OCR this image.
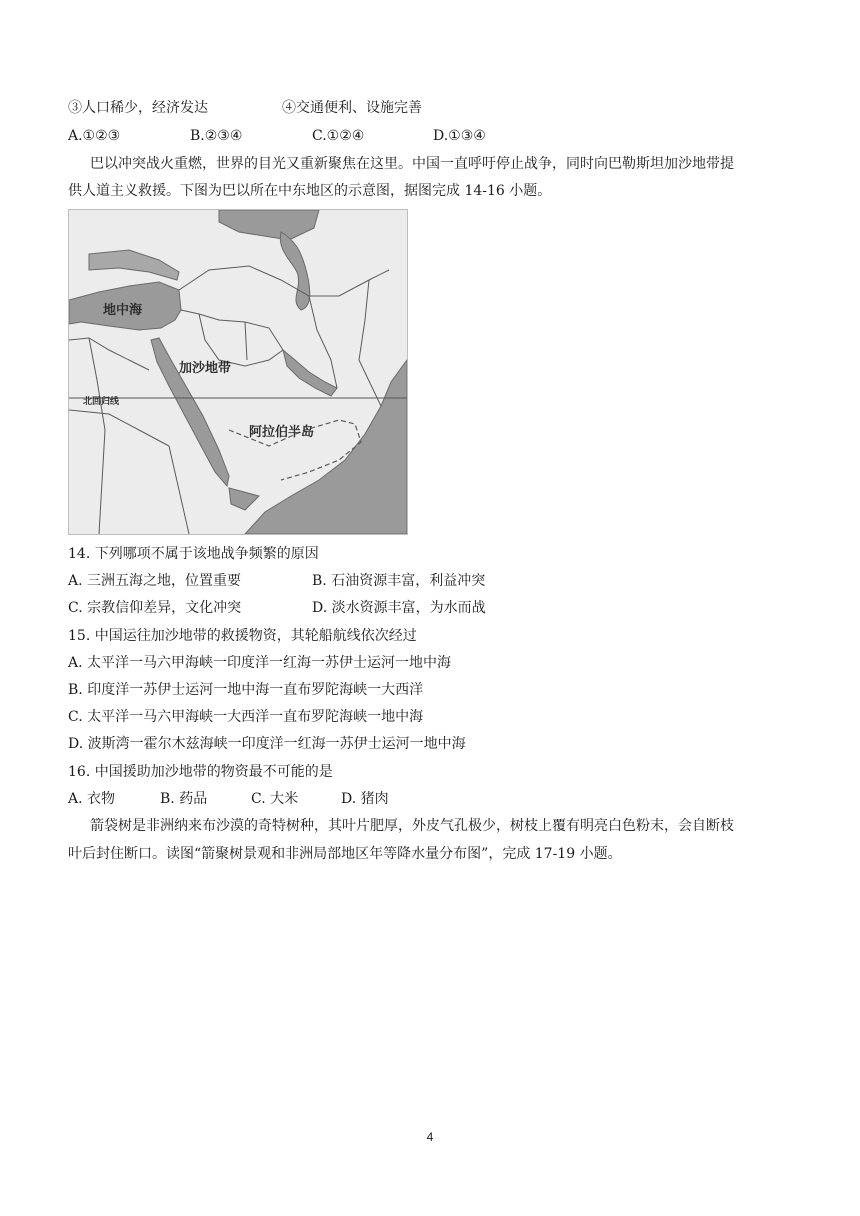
③人口稀少，经济发达	④交通便利、设施完善
A.①②③	B.②③④	C.①②④	D.①③④
巴以冲突战火重燃，世界的目光又重新聚焦在这里。中国一直呼吁停止战争，同时向巴勒斯坦加沙地带提
供人道主义救援。下图为巴以所在中东地区的示意图，据图完成 14-16 小题。
地中海
加沙地带
北回归线
阿拉伯半岛
14. 下列哪项不属于该地战争频繁的原因
A. 三洲五海之地，位置重要	B. 石油资源丰富，利益冲突
C. 宗教信仰差异，文化冲突	D. 淡水资源丰富，为水而战
15. 中国运往加沙地带的救援物资，其轮船航线依次经过
A. 太平洋一马六甲海峡一印度洋一红海一苏伊士运河一地中海
B. 印度洋一苏伊士运河一地中海一直布罗陀海峡一大西洋
C. 太平洋一马六甲海峡一大西洋一直布罗陀海峡一地中海
D. 波斯湾一霍尔木兹海峡一印度洋一红海一苏伊士运河一地中海
16. 中国援助加沙地带的物资最不可能的是
A. 衣物	B. 药品	C. 大米	D. 猪肉
箭袋树是非洲纳来布沙漠的奇特树种，其叶片肥厚，外皮气孔极少，树枝上覆有明亮白色粉末，会自断枝
叶后封住断口。读图“箭聚树景观和非洲局部地区年等降水量分布图”，完成 17-19 小题。
4
